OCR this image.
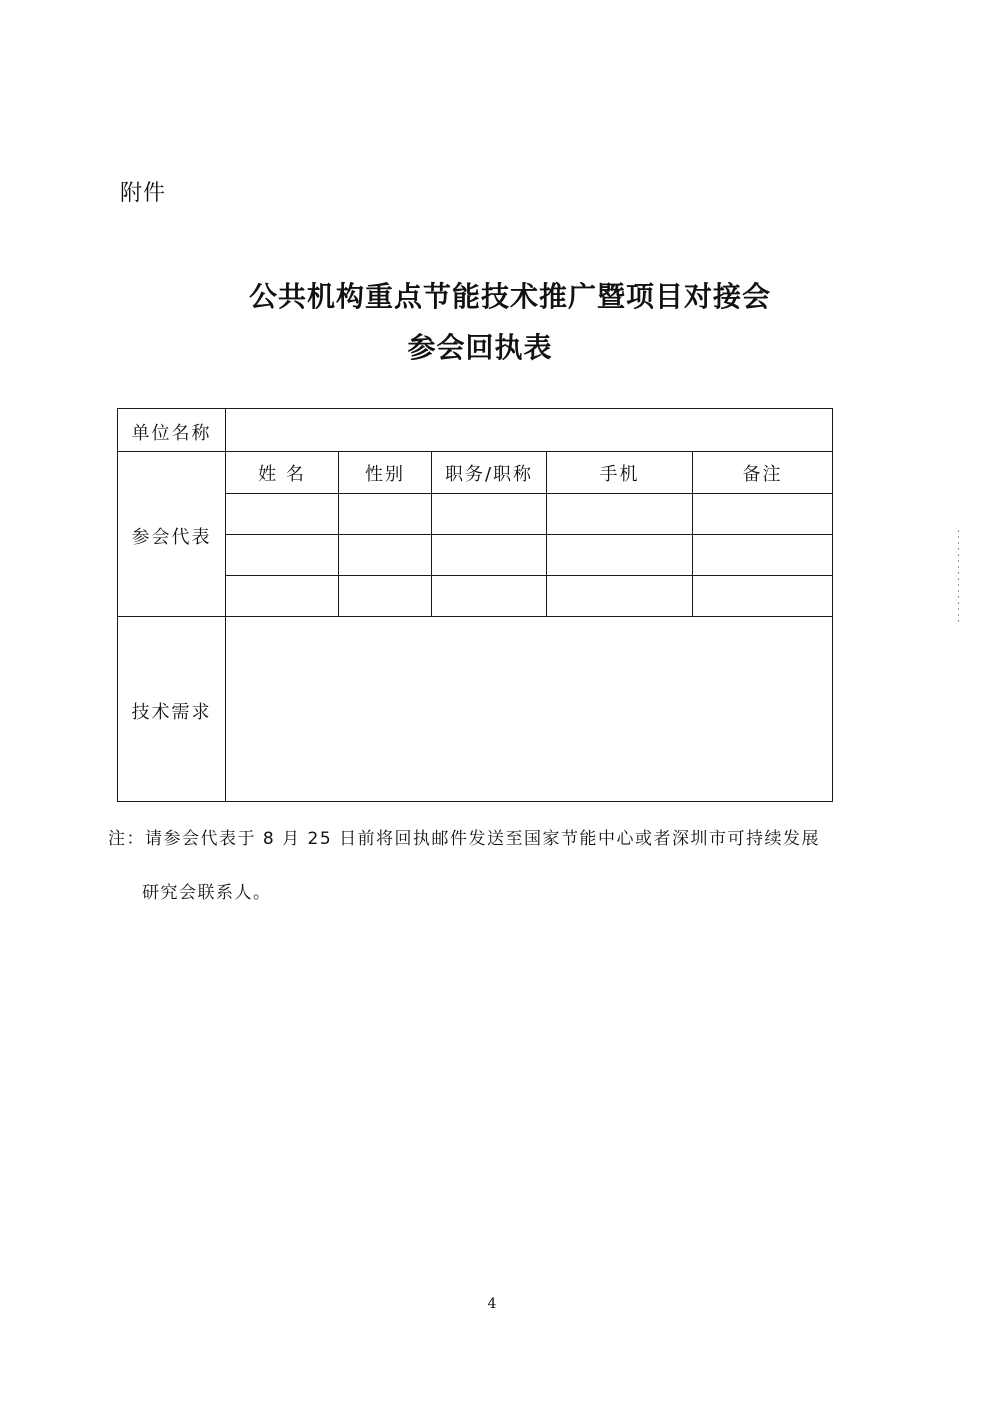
附件
公共机构重点节能技术推广暨项目对接会
参会回执表
单位名称					
参会代表	姓 名	性别	职务/职称	手机	备注

技术需求					
注：请参会代表于 8 月 25 日前将回执邮件发送至国家节能中心或者深圳市可持续发展
研究会联系人。
4
